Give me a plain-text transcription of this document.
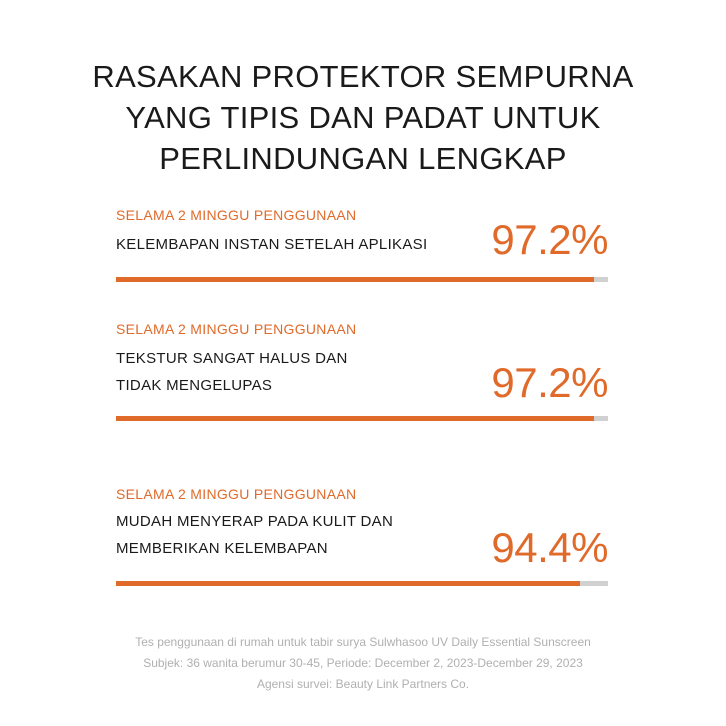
RASAKAN PROTEKTOR SEMPURNA
YANG TIPIS DAN PADAT UNTUK
PERLINDUNGAN LENGKAP
SELAMA 2 MINGGU PENGGUNAAN
KELEMBAPAN INSTAN SETELAH APLIKASI 97.2%
SELAMA 2 MINGGU PENGGUNAAN
TEKSTUR SANGAT HALUS DAN
TIDAK MENGELUPAS	97.2%
SELAMA 2 MINGGU PENGGUNAAN
MUDAH MENYERAP PADA KULIT DAN
MEMBERIKAN KELEMBAPAN	94.4%
Tes penggunaan di rumah untuk tabir surya Sulwhasoo UV Daily Essential Sunscreen
Subjek: 36 wanita berumur 30-45, Periode: December 2, 2023-December 29, 2023
Agensi survei: Beauty Link Partners Co.
